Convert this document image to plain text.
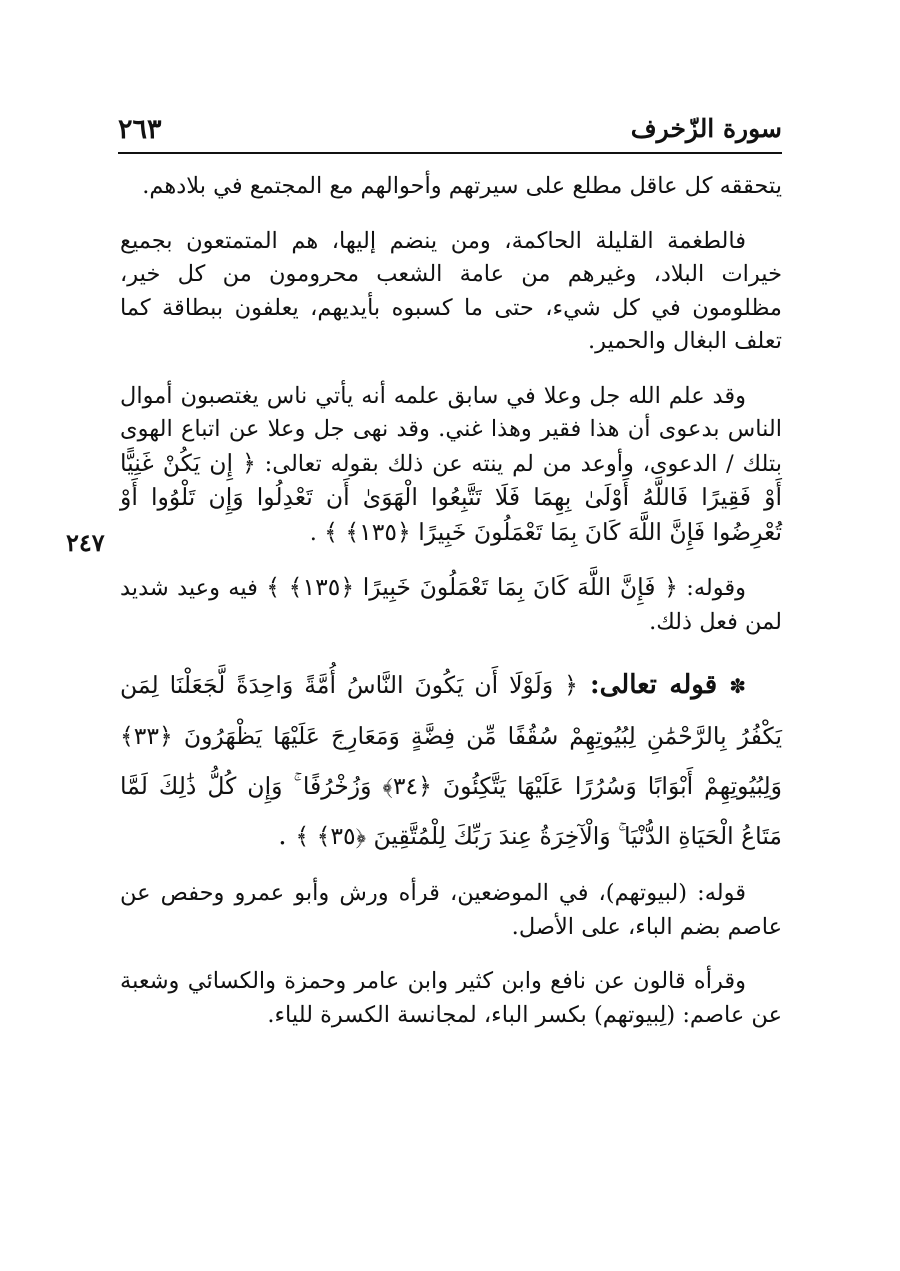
سورة الزّخرف
٢٦٣
٢٤٧

يتحققه كل عاقل مطلع على سيرتهم وأحوالهم مع المجتمع في بلادهم.

فالطغمة القليلة الحاكمة، ومن ينضم إليها، هم المتمتعون بجميع خيرات البلاد، وغيرهم من عامة الشعب محرومون من كل خير، مظلومون في كل شيء، حتى ما كسبوه بأيديهم، يعلفون ببطاقة كما تعلف البغال والحمير.

وقد علم الله جل وعلا في سابق علمه أنه يأتي ناس يغتصبون أموال الناس بدعوى أن هذا فقير وهذا غني. وقد نهى جل وعلا عن اتباع الهوى بتلك / الدعوى، وأوعد من لم ينته عن ذلك بقوله تعالى: ﴿ إِن يَكُنْ غَنِيًّا أَوْ فَقِيرًا فَاللَّهُ أَوْلَىٰ بِهِمَا فَلَا تَتَّبِعُوا الْهَوَىٰ أَن تَعْدِلُوا وَإِن تَلْوُوا أَوْ تُعْرِضُوا فَإِنَّ اللَّهَ كَانَ بِمَا تَعْمَلُونَ خَبِيرًا ﴿١٣٥﴾ ﴾ .

وقوله: ﴿ فَإِنَّ اللَّهَ كَانَ بِمَا تَعْمَلُونَ خَبِيرًا ﴿١٣٥﴾ ﴾ فيه وعيد شديد لمن فعل ذلك.

✽ قوله تعالى: ﴿ وَلَوْلَا أَن يَكُونَ النَّاسُ أُمَّةً وَاحِدَةً لَّجَعَلْنَا لِمَن يَكْفُرُ بِالرَّحْمَٰنِ لِبُيُوتِهِمْ سُقُفًا مِّن فِضَّةٍ وَمَعَارِجَ عَلَيْهَا يَظْهَرُونَ ﴿٣٣﴾ وَلِبُيُوتِهِمْ أَبْوَابًا وَسُرُرًا عَلَيْهَا يَتَّكِئُونَ ﴿٣٤﴾ وَزُخْرُفًا ۚ وَإِن كُلُّ ذَٰلِكَ لَمَّا مَتَاعُ الْحَيَاةِ الدُّنْيَا ۚ وَالْآخِرَةُ عِندَ رَبِّكَ لِلْمُتَّقِينَ ﴿٣٥﴾ ﴾ .

قوله: (لبيوتهم)، في الموضعين، قرأه ورش وأبو عمرو وحفص عن عاصم بضم الباء، على الأصل.

وقرأه قالون عن نافع وابن كثير وابن عامر وحمزة والكسائي وشعبة عن عاصم: (لِبيوتهم) بكسر الباء، لمجانسة الكسرة للياء.
